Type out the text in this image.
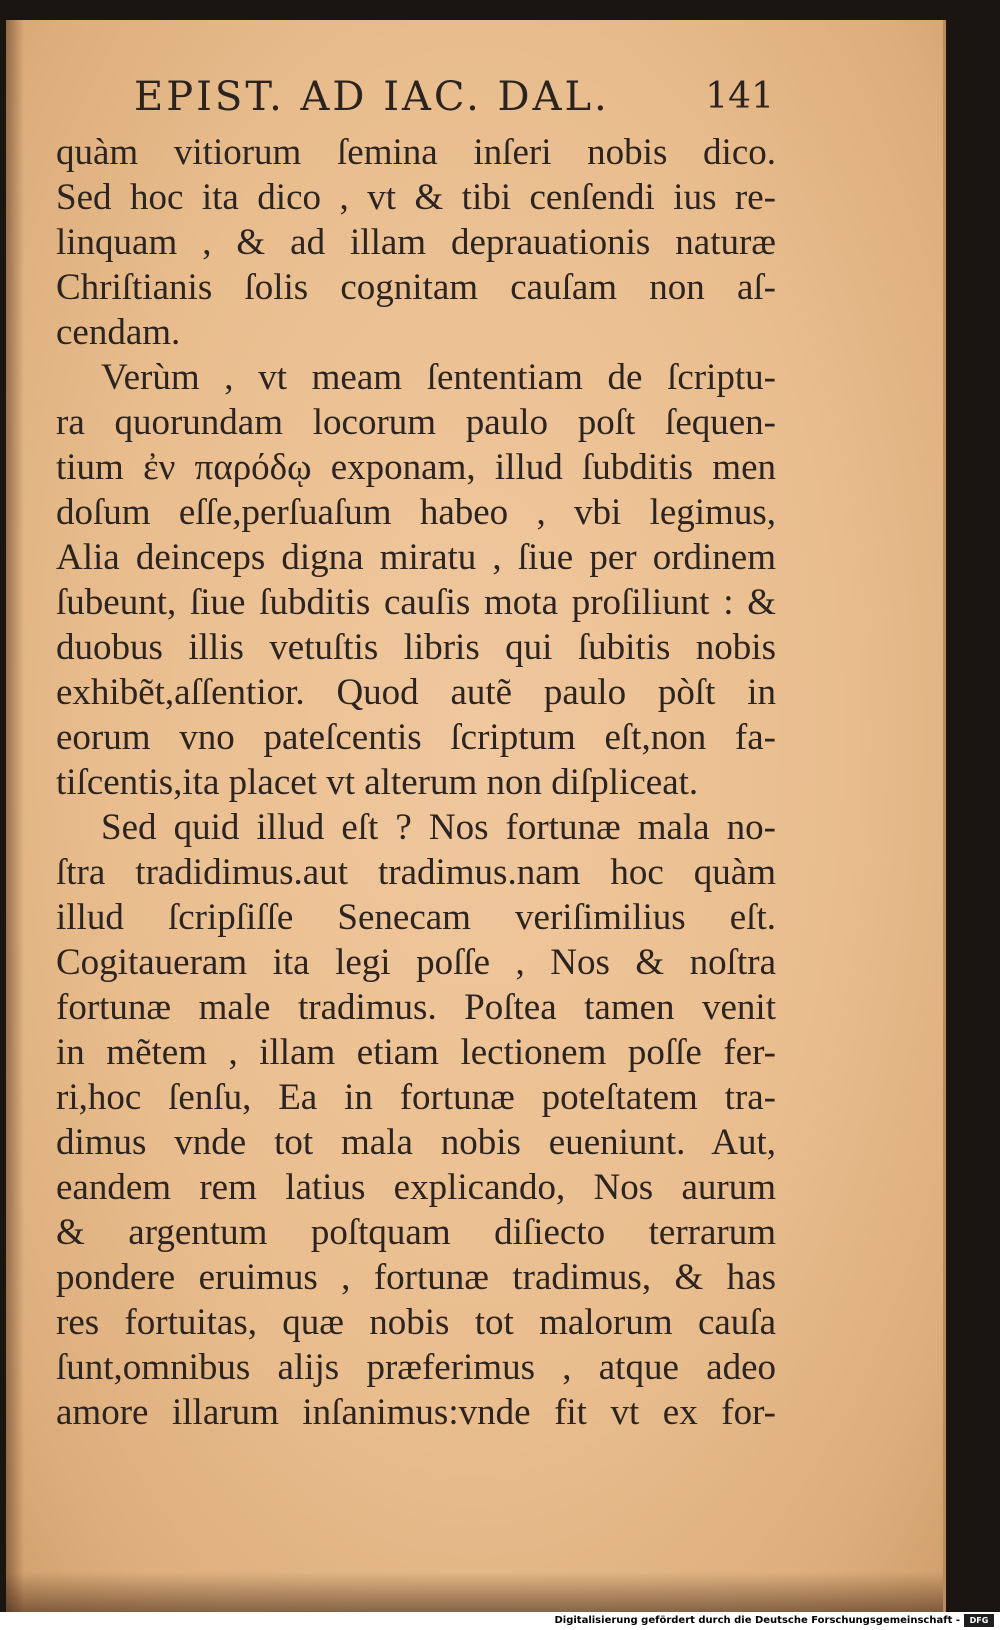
EPIST. AD IAC. DAL.	141
quàm vitiorum ſemina inſeri nobis dico.
Sed hoc ita dico , vt & tibi cenſendi ius re-
linquam , & ad illam deprauationis naturæ
Chriſtianis ſolis cognitam cauſam non aſ-
cendam.
Verùm , vt meam ſententiam de ſcriptu-
ra quorundam locorum paulo poſt ſequen-
tium ἐν παρόδῳ exponam, illud ſubditis men
doſum eſſe,perſuaſum habeo , vbi legimus,
Alia deinceps digna miratu , ſiue per ordinem
ſubeunt, ſiue ſubditis cauſis mota proſiliunt : &
duobus illis vetuſtis libris qui ſubitis nobis
exhibẽt,aſſentior. Quod autẽ paulo pòſt in
eorum vno pateſcentis ſcriptum eſt,non fa-
tiſcentis,ita placet vt alterum non diſpliceat.
Sed quid illud eſt ? Nos fortunæ mala no-
ſtra tradidimus.aut tradimus.nam hoc quàm
illud ſcripſiſſe Senecam veriſimilius eſt.
Cogitaueram ita legi poſſe , Nos & noſtra
fortunæ male tradimus. Poſtea tamen venit
in mẽtem , illam etiam lectionem poſſe fer-
ri,hoc ſenſu, Ea in fortunæ poteſtatem tra-
dimus vnde tot mala nobis eueniunt. Aut,
eandem rem latius explicando, Nos aurum
& argentum poſtquam diſiecto terrarum
pondere eruimus , fortunæ tradimus, & has
res fortuitas, quæ nobis tot malorum cauſa
ſunt,omnibus alijs præferimus , atque adeo
amore illarum inſanimus:vnde fit vt ex for-
Digitalisierung gefördert durch die Deutsche Forschungsgemeinschaft -	DFG
